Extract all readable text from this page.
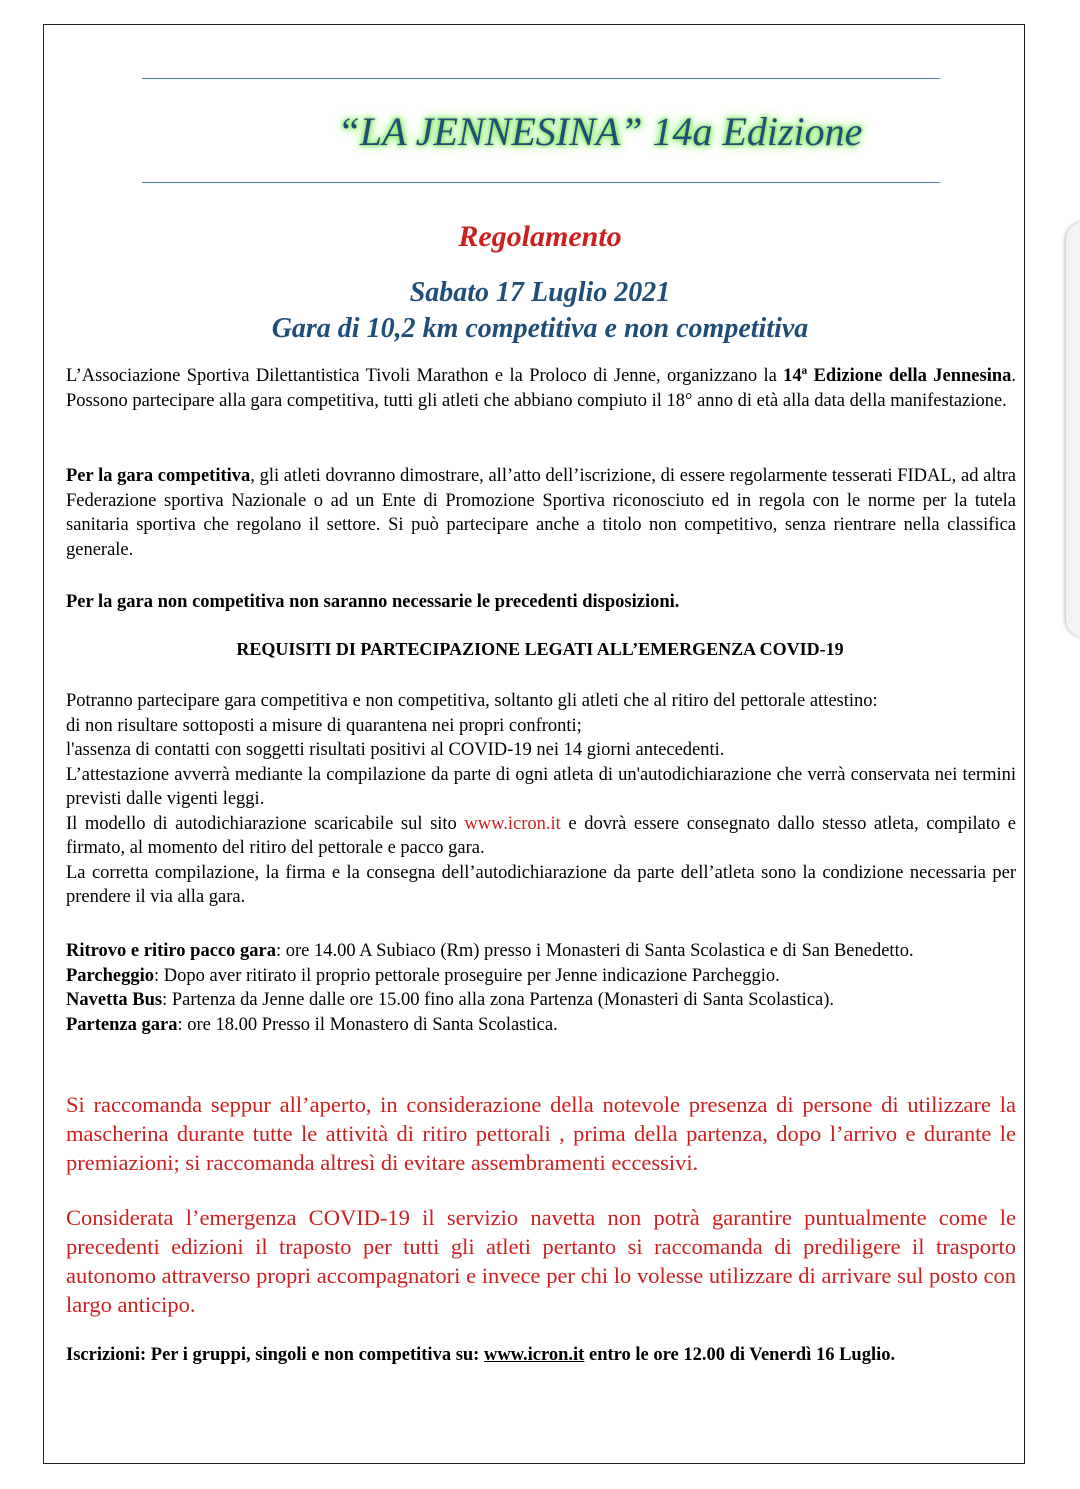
“LA JENNESINA” 14a Edizione
Regolamento
Sabato 17 Luglio 2021
Gara di 10,2 km competitiva e non competitiva

L’Associazione Sportiva Dilettantistica Tivoli Marathon e la Proloco di Jenne, organizzano la 14ª Edizione della Jennesina. Possono partecipare alla gara competitiva, tutti gli atleti che abbiano compiuto il 18° anno di età alla data della manifestazione.

Per la gara competitiva, gli atleti dovranno dimostrare, all’atto dell’iscrizione, di essere regolarmente tesserati FIDAL, ad altra Federazione sportiva Nazionale o ad un Ente di Promozione Sportiva riconosciuto ed in regola con le norme per la tutela sanitaria sportiva che regolano il settore. Si può partecipare anche a titolo non competitivo, senza rientrare nella classifica generale.

Per la gara non competitiva non saranno necessarie le precedenti disposizioni.
REQUISITI DI PARTECIPAZIONE LEGATI ALL’EMERGENZA COVID-19

Potranno partecipare gara competitiva e non competitiva, soltanto gli atleti che al ritiro del pettorale attestino:

di non risultare sottoposti a misure di quarantena nei propri confronti;

l'assenza di contatti con soggetti risultati positivi al COVID-19 nei 14 giorni antecedenti.

L’attestazione avverrà mediante la compilazione da parte di ogni atleta di un'autodichiarazione che verrà conservata nei termini previsti dalle vigenti leggi.

Il modello di autodichiarazione scaricabile sul sito www.icron.it e dovrà essere consegnato dallo stesso atleta, compilato e firmato, al momento del ritiro del pettorale e pacco gara.

La corretta compilazione, la firma e la consegna dell’autodichiarazione da parte dell’atleta sono la condizione necessaria per prendere il via alla gara.

Ritrovo e ritiro pacco gara: ore 14.00 A Subiaco (Rm) presso i Monasteri di Santa Scolastica e di San Benedetto.

Parcheggio: Dopo aver ritirato il proprio pettorale proseguire per Jenne indicazione Parcheggio.

Navetta Bus: Partenza da Jenne dalle ore 15.00 fino alla zona Partenza (Monasteri di Santa Scolastica).

Partenza gara: ore 18.00 Presso il Monastero di Santa Scolastica.

Si raccomanda seppur all’aperto, in considerazione della notevole presenza di persone di utilizzare la mascherina durante tutte le attività di ritiro pettorali , prima della partenza, dopo l’arrivo e durante le premiazioni; si raccomanda altresì di evitare assembramenti eccessivi.
Considerata l’emergenza COVID-19 il servizio navetta non potrà garantire puntualmente come le precedenti edizioni il traposto per tutti gli atleti pertanto si raccomanda di prediligere il trasporto autonomo attraverso propri accompagnatori e invece per chi lo volesse utilizzare di arrivare sul posto con largo anticipo.

Iscrizioni: Per i gruppi, singoli e non competitiva su: www.icron.it entro le ore 12.00 di Venerdì 16 Luglio.
